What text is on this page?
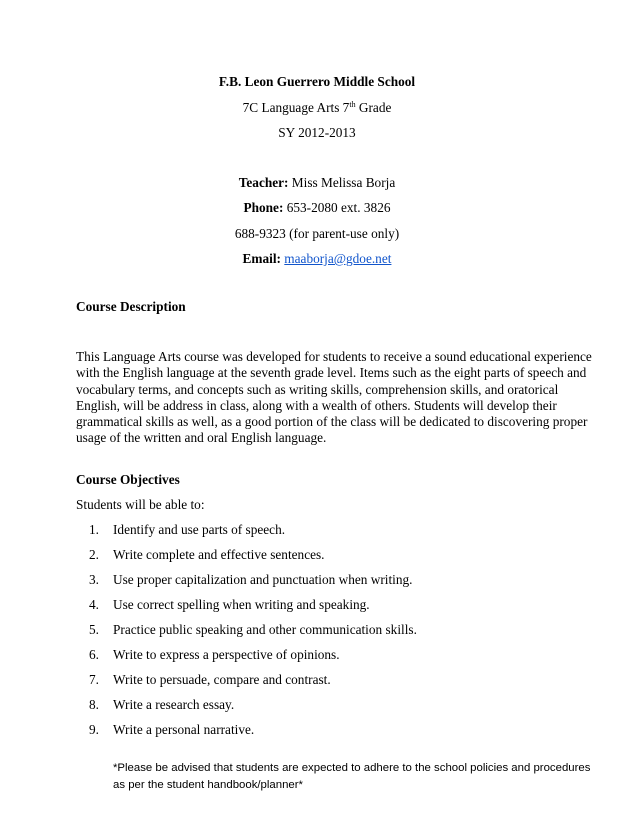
F.B. Leon Guerrero Middle School
7C Language Arts 7th Grade
SY 2012-2013
Teacher: Miss Melissa Borja
Phone: 653-2080 ext. 3826
688-9323 (for parent-use only)
Email: maaborja@gdoe.net
Course Description
This Language Arts course was developed for students to receive a sound educational experience
with the English language at the seventh grade level. Items such as the eight parts of speech and
vocabulary terms, and concepts such as writing skills, comprehension skills, and oratorical
English, will be address in class, along with a wealth of others. Students will develop their
grammatical skills as well, as a good portion of the class will be dedicated to discovering proper
usage of the written and oral English language.
Course Objectives
Students will be able to:
1. Identify and use parts of speech.
2. Write complete and effective sentences.
3. Use proper capitalization and punctuation when writing.
4. Use correct spelling when writing and speaking.
5. Practice public speaking and other communication skills.
6. Write to express a perspective of opinions.
7. Write to persuade, compare and contrast.
8. Write a research essay.
9. Write a personal narrative.
*Please be advised that students are expected to adhere to the school policies and procedures
as per the student handbook/planner*
